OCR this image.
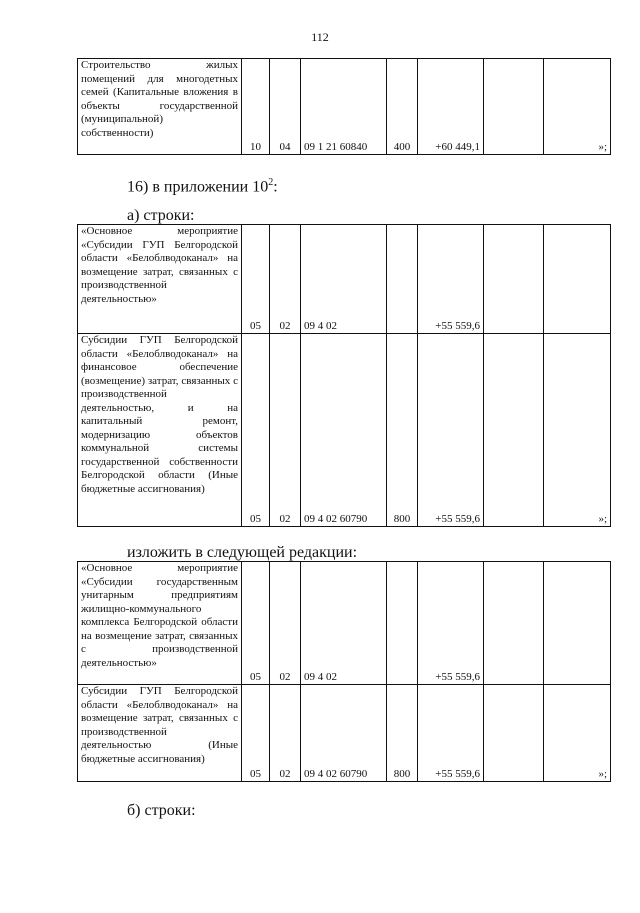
112
Строительство жилых помещений для многодетных семей (Капитальные вложения в объекты государственной (муниципальной) собственности)	10	04	09 1 21 60840	400	+60 449,1		»;
16) в приложении $10^2$:
а) строки:
«Основное мероприятие «Субсидии ГУП Белгородской области «Белоблводоканал» на возмещение затрат, связанных с производственной деятельностью»	05	02	09 4 02		+55 559,6		
Субсидии ГУП Белгородской области «Белоблводоканал» на финансовое обеспечение (возмещение) затрат, связанных с производственной деятельностью, и на капитальный ремонт, модернизацию объектов коммунальной системы государственной собственности Белгородской области (Иные бюджетные ассигнования)	05	02	09 4 02 60790	800	+55 559,6		»;
изложить в следующей редакции:
«Основное мероприятие «Субсидии государственным унитарным предприятиям жилищно-коммунального комплекса Белгородской области на возмещение затрат, связанных с производственной деятельностью»	05	02	09 4 02		+55 559,6		
Субсидии ГУП Белгородской области «Белоблводоканал» на возмещение затрат, связанных с производственной деятельностью (Иные бюджетные ассигнования)	05	02	09 4 02 60790	800	+55 559,6		»;
б) строки:
